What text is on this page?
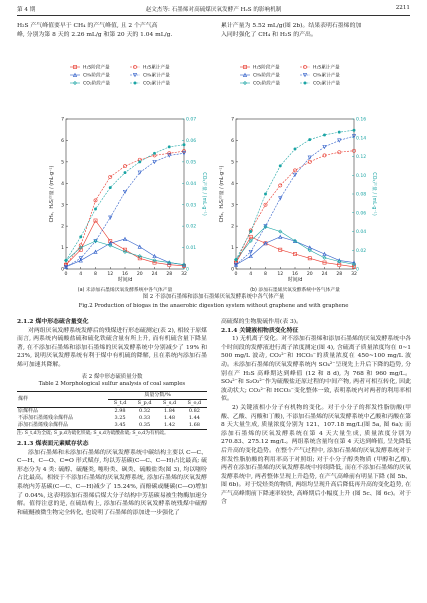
第 4 期	赵文杰等: 石墨烯对高硫煤厌氧发酵产 H₂S 的影响机制	2211
H₂S 产气峰值要早于 CH₄ 的产气峰值, 且 2 个产气高
峰, 分别为第 8 天的 2.26 mL/g 和第 20 天的 1.04 mL/g.
累计产量为 5.52 mL/g(图 2b)。结果表明石墨烯的加
入同时强化了 CH₄ 和 H₂S 的产出。
0
1
2
3
4
5
6
7
0
0.01
0.02
0.03
0.04
0.05
0.06
0.07
0	4	8 12 16 20 24 28 32
时间/d
CH₄、H₂S产量 / (mL·g⁻¹)	CO₂产量 / (mL·g⁻¹)
H₂S阶段产量	H₂S累计产量
CH₄阶段产量	CH₄累计产量
CO₂阶段产量	CO₂累计产量
(a) 未添加石墨烯厌氧发酵系统中各气体产量
0
1
2
3
4
5
6
7
0
0.02
0.04
0.06
0.08
0.10
0.12
0.14
0.16
0	4	8 12 16 20 24 28 32
时间/d
CH₄、H₂S产量 / (mL·g⁻¹)	CO₂产量 / (mL·g⁻¹)
H₂S阶段产量	H₂S累计产量
CH₄阶段产量	CH₄累计产量
CO₂阶段产量	CO₂累计产量
(b) 添加石墨烯厌氧发酵系统中各气体产量
图 2 不添加石墨烯和添加石墨烯厌氧发酵系统中各气体产量
Fig.2 Production of biogas in the anaerobic digestion system without graphene and with graphene

2.1.2 煤中形态硫含量变化

对两组厌氧发酵系统发酵后的残煤进行形态硫测定(表 2), 相较于原煤而言, 两系统内硫酸盐硫和硫化铁硫含量有所上升, 而有机硫含量下降显著, 在不添加石墨烯和添加石墨烯的厌氧发酵系统中分别减少了 19% 和 23%, 说明厌氧发酵系统有利于煤中有机硫的降解, 且在系统内添加石墨烯可加速其降解。

表 2 煤中形态硫质量分数
Table 2 Morphological sulfur analysis of coal samples
煤样	质量分数/%			
	S_t,d	S_p,d	S_s,d	S_o,d
原煤样品	2.98	0.32	1.84	0.82
不添加石墨烯残余煤样品	3.25	0.33	1.48	1.44
添加石墨烯残余煤样品	3.45	0.35	1.42	1.68
注: S_t,d为全硫; S_p,d为硫化铁硫; S_s,d为硫酸盐硫; S_o,d为有机硫。

2.1.3 煤表面元素赋存状态

添加石墨烯和未添加石墨烯的厌氧发酵系统中碳结构主要以 C—C、C—H、C—O、C=O 形式赋存, 均以芳基碳(C—C、C—H)占比最高; 硫形态分为 4 类: 硫醇、硫醚类, 噻吩类、砜类、硫酸盐类(图 3), 均以噻吩占比最高。相较于不添加石墨烯的厌氧发酵系统, 添加石墨烯的厌氧发酵系统内芳基碳(C—C、C—H)减少了 15.24%, 而酚碳或醚碳(C—O)增加了 0.04%, 这表明添加石墨烯后煤大分子结构中芳基碳易被生物酶加速分解。值得注意的是, 在硫结构上, 添加石墨烯的厌氧发酵系统残煤中硫醇和硫醚被微生物完全转化, 也说明了石墨烯的添加进一步强化了

高硫煤的生物脱硫作用(表 3)。

2.1.4 关键液相物质变化特征

1) 无机离子变化。对不添加石墨烯和添加石墨烯的厌氧发酵系统中各个时间段的发酵液进行离子浓度测定(图 4), 含硫离子质量浓度均在 0~1 500 mg/L 波动, CO₃²⁻和 HCO₃⁻的质量浓度在 450~100 mg/L 波动。未添加石墨烯的厌氧发酵系统内 SO₄²⁻呈现先上升后下降的趋势, 分别在产 H₂S 高峰期达到峰值 (12 和 8 d), 为 768 和 960 mg/L。SO₄²⁻和 S₂O₃²⁻作为硫酸盐还原过程的中间产物, 两者可相互转化, 因此波动状大; CO₃²⁻和 HCO₃⁻变化整体一致, 表明系统内对两者的利用率相似。

2) 关键液相小分子有机物的变化。对于小分子的挥发性脂肪酸(甲酸、乙酸、丙酸和丁酸), 不添加石墨烯的厌氧发酵系统中乙酸和丙酸在第 8 天大量生成, 质量浓度分别为 121、107.18 mg/L(图 5a, 图 6a); 而添加石墨烯的厌氧发酵系统在第 4 天大量生成, 质量浓度分别为 270.83、275.12 mg/L。两组系统含量均在第 4 天达到峰值, 呈先降低后升高的变化趋势。在整个产气过程中, 添加石墨烯的厌氧发酵系统对于挥发性脂肪酸的利用率高于对照组; 对于小分子醇类物质 (甲醇和乙醇), 两者在添加石墨烯的厌氧发酵系统中持续降低, 而在不添加石墨烯的厌氧发酵系统中, 两者整体呈现上升趋势, 在产气高峰前有明显下降 (图 5b、图 6b)。对于烷烃类的物质, 两组均呈现升高后降低再升高的变化趋势, 在产气高峰期前下降速率较快, 高峰期后小幅度上升 (图 5c、图 6c)。对于含
